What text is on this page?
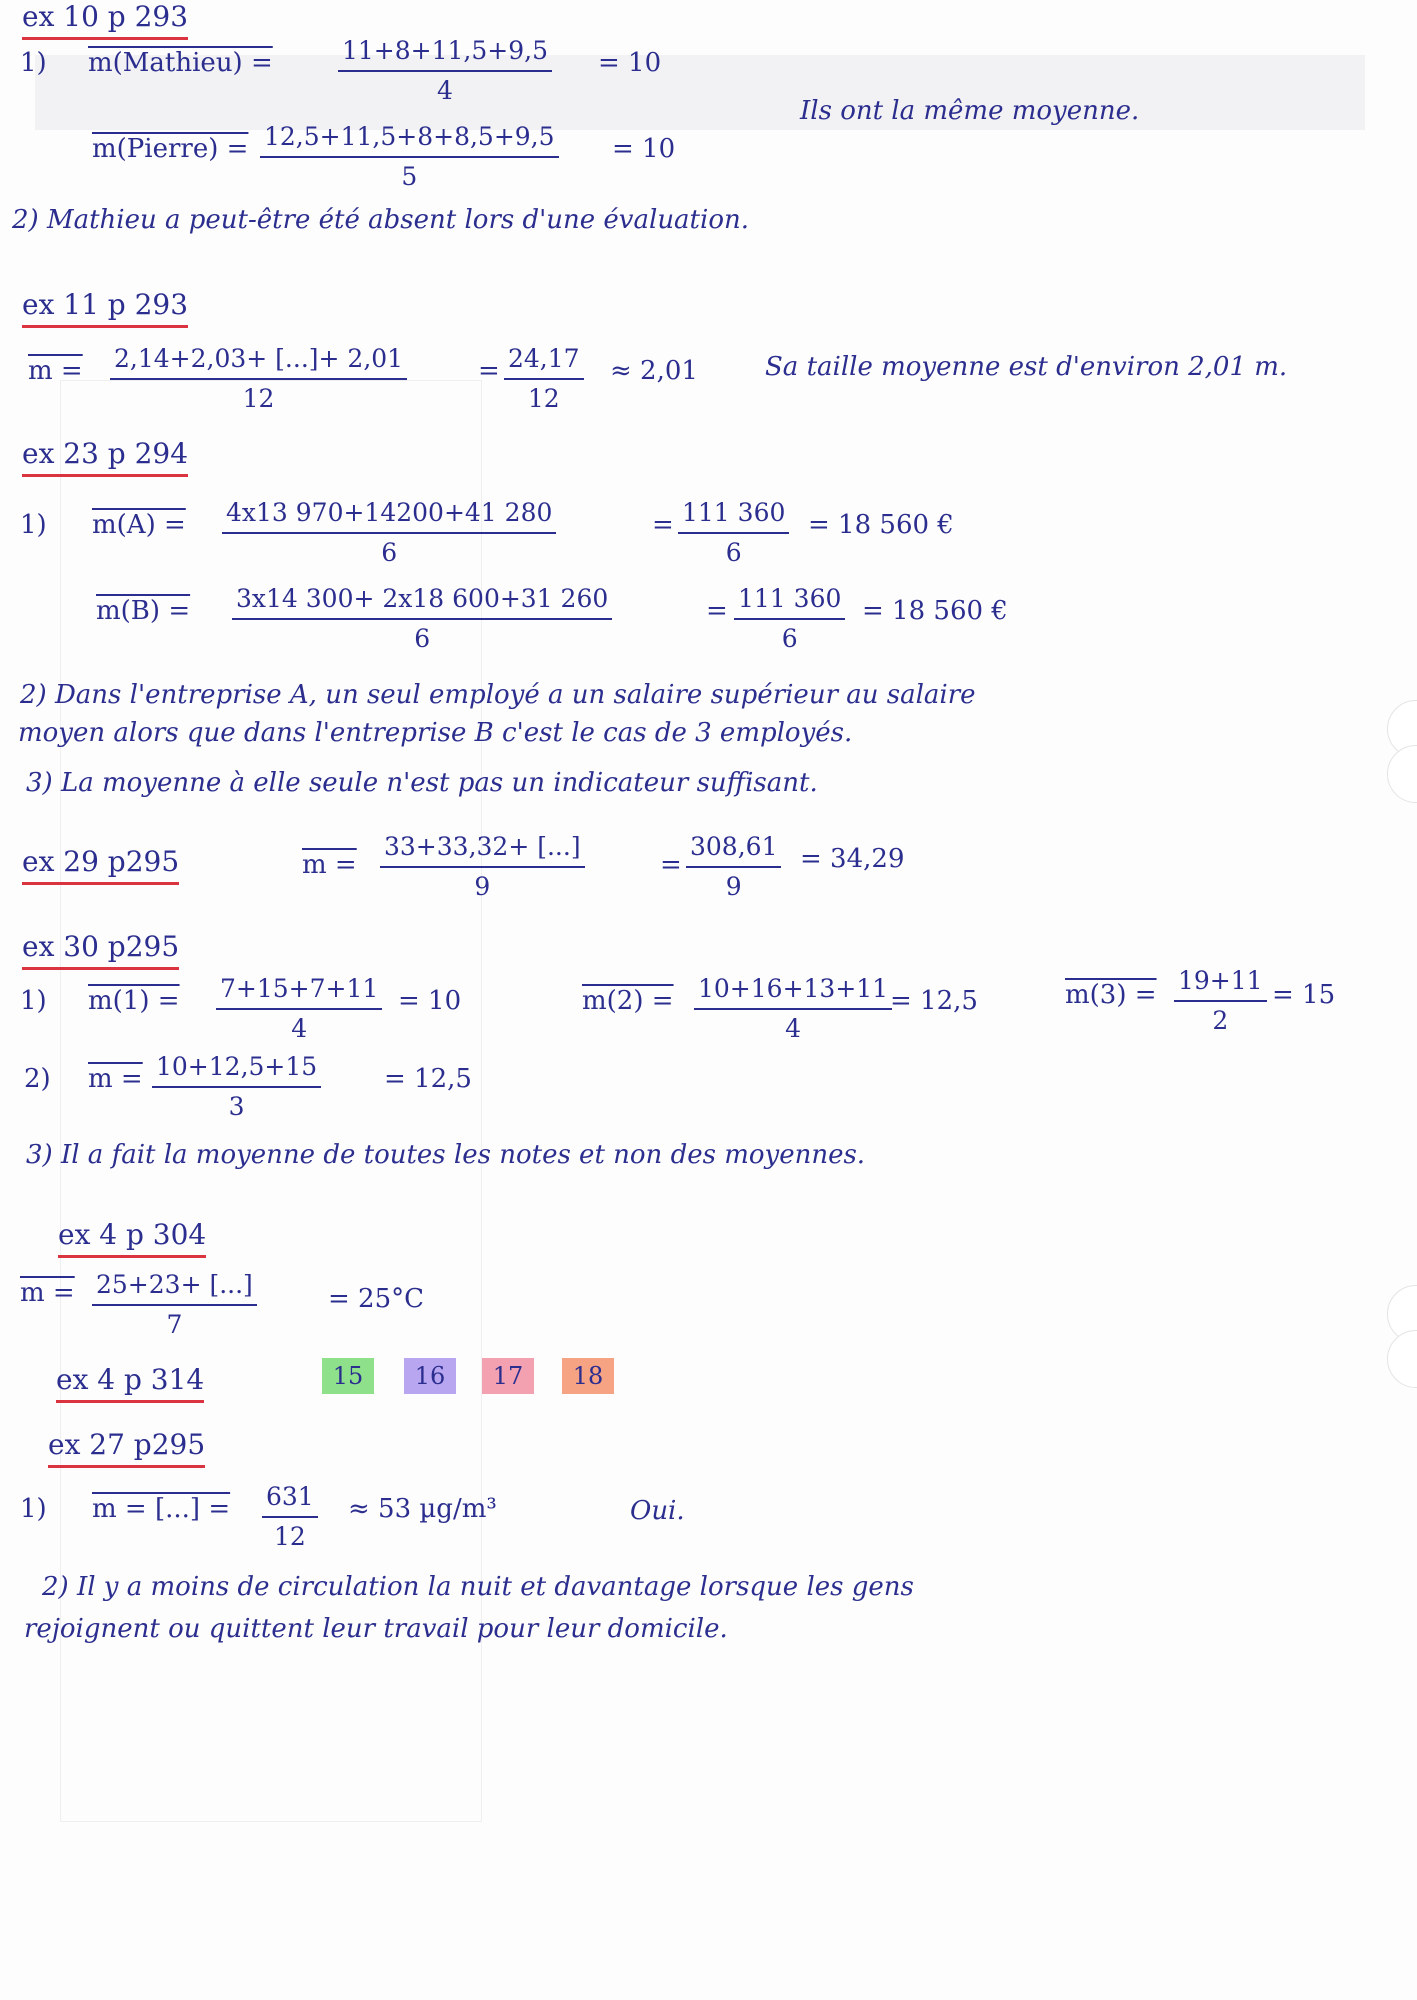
ex 10 p 293
1) m(Mathieu) =	$\frac{11+8+11,5+9,5}{4} = 10$
Ils ont la même moyenne.
m(Pierre) = $\frac{12,5+11,5+8+8,5+9,5}{5} = 10$
2) Mathieu a peut-être été absent lors d'une évaluation.
ex 11 p 293
$m = \frac{2,14+2,03+ [...]+ 2,01}{12}$	= $\frac{24,17}{12} \approx 2,01$	Sa taille moyenne est d'environ 2,01 m.
ex 23 p 294
1) $m(A) = \frac{4x13 970+14200+41 280}{6}$	= $\frac{111 360}{6} = 18$ 560 €
$m(B) = \frac{3x14 300+ 2x18 600+31 260}{6}$	= $\frac{111 360}{6} = 18$ 560 €
2) Dans l'entreprise A, un seul employé a un salaire supérieur au salaire
moyen alors que dans l'entreprise B c'est le cas de 3 employés.
3) La moyenne à elle seule n'est pas un indicateur suffisant.
ex 29 p295	$m = \frac{33+33,32+ [...]}{9}$	= $\frac{308,61}{9} = 34,29$
ex 30 p295
1) $m(1) = \frac{7+15+7+11}{4} = 10$	$m(2) = \frac{10+16+13+11}{4}$
= 12,5	$m(3) = \frac{19+11}{2} = 15$
2) $m = \frac{10+12,5+15}{3} = 12,5$
3) Il a fait la moyenne de toutes les notes et non des moyennes.
ex 4 p 304
$m = \frac{25+23+ [...]}{7}$	= 25°C
ex 4 p 314	15	16	17	18
ex 27 p295
1) m = [...] = $\frac{631}{12} \approx 53$ µg/m³	Oui.
2) Il y a moins de circulation la nuit et davantage lorsque les gens
rejoignent ou quittent leur travail pour leur domicile.
